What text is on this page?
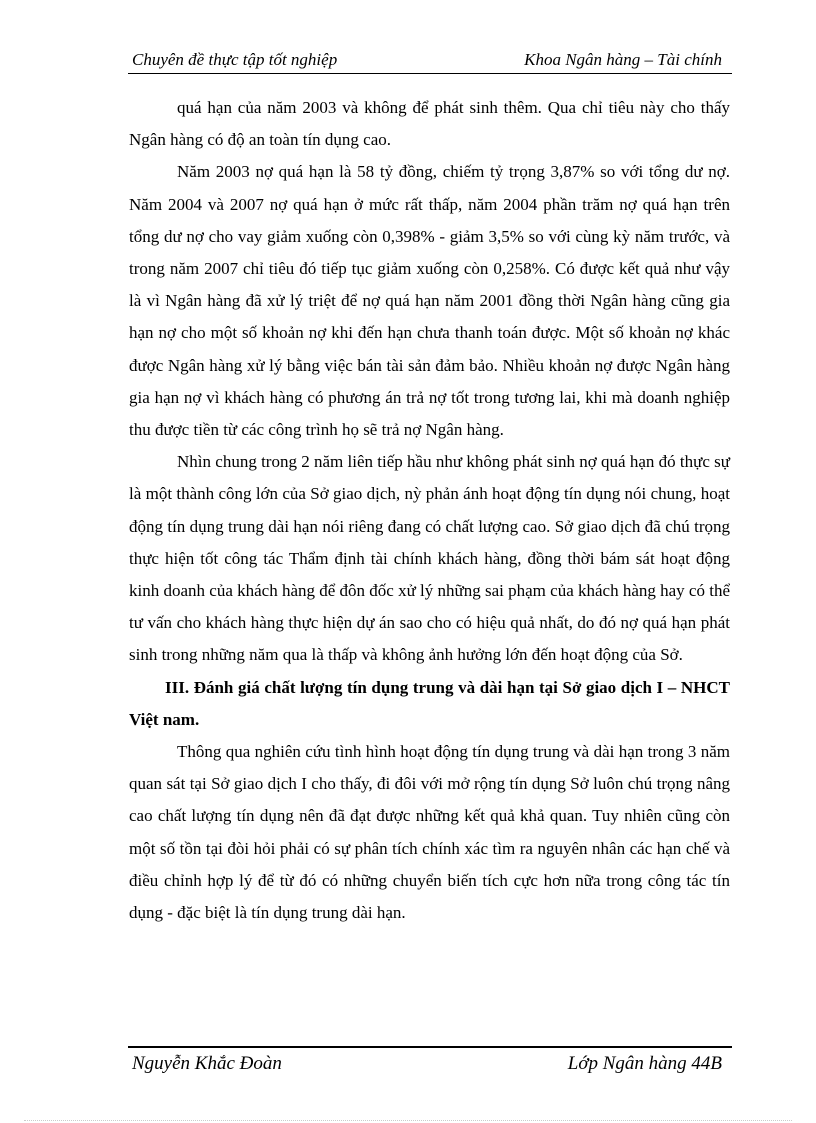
Chuyên đề thực tập tốt nghiệp	Khoa Ngân hàng – Tài chính

quá hạn của năm 2003 và không để phát sinh thêm. Qua chỉ tiêu này cho thấy Ngân hàng có độ an toàn tín dụng cao.

Năm 2003 nợ quá hạn là 58 tỷ đồng, chiếm tỷ trọng 3,87% so với tổng dư nợ. Năm 2004 và 2007 nợ quá hạn ở mức rất thấp, năm 2004 phần trăm nợ quá hạn trên tổng dư nợ cho vay giảm xuống còn 0,398% - giảm 3,5% so với cùng kỳ năm trước, và trong năm 2007 chỉ tiêu đó tiếp tục giảm xuống còn 0,258%. Có được kết quả như vậy là vì Ngân hàng đã xử lý triệt để nợ quá hạn năm 2001 đồng thời Ngân hàng cũng gia hạn nợ cho một số khoản nợ khi đến hạn chưa thanh toán được. Một số khoản nợ khác được Ngân hàng xử lý bằng việc bán tài sản đảm bảo. Nhiều khoản nợ được Ngân hàng gia hạn nợ vì khách hàng có phương án trả nợ tốt trong tương lai, khi mà doanh nghiệp thu được tiền từ các công trình họ sẽ trả nợ Ngân hàng.

Nhìn chung trong 2 năm liên tiếp hầu như không phát sinh nợ quá hạn đó thực sự là một thành công lớn của Sở giao dịch, nỳ phản ánh hoạt động tín dụng nói chung, hoạt động tín dụng trung dài hạn nói riêng đang có chất lượng cao. Sở giao dịch đã chú trọng thực hiện tốt công tác Thẩm định tài chính khách hàng, đồng thời bám sát hoạt động kinh doanh của khách hàng để đôn đốc xử lý những sai phạm của khách hàng hay có thể tư vấn cho khách hàng thực hiện dự án sao cho có hiệu quả nhất, do đó nợ quá hạn phát sinh trong những năm qua là thấp và không ảnh hưởng lớn đến hoạt động của Sở.

III. Đánh giá chất lượng tín dụng trung và dài hạn tại Sở giao dịch I – NHCT Việt nam.

Thông qua nghiên cứu tình hình hoạt động tín dụng trung và dài hạn trong 3 năm quan sát tại Sở giao dịch I cho thấy, đi đôi với mở rộng tín dụng Sở luôn chú trọng nâng cao chất lượng tín dụng nên đã đạt được những kết quả khả quan. Tuy nhiên cũng còn một số tồn tại đòi hỏi phải có sự phân tích chính xác tìm ra nguyên nhân các hạn chế và điều chỉnh hợp lý để từ đó có những chuyển biến tích cực hơn nữa trong công tác tín dụng - đặc biệt là tín dụng trung dài hạn.

Nguyễn Khắc Đoàn	Lớp Ngân hàng 44B
